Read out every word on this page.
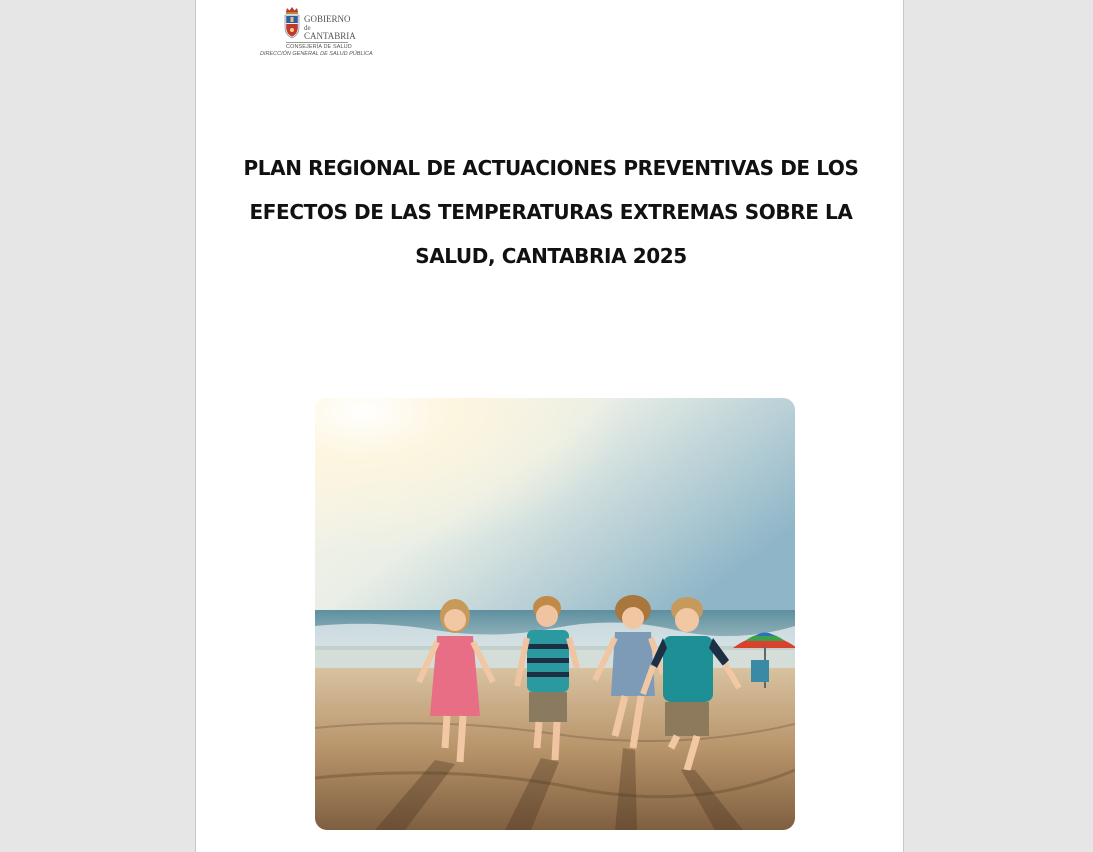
GOBIERNO
de
CANTABRIA
CONSEJERÍA DE SALUD
DIRECCIÓN GENERAL DE SALUD PÚBLICA
PLAN REGIONAL DE ACTUACIONES PREVENTIVAS DE LOS
EFECTOS DE LAS TEMPERATURAS EXTREMAS SOBRE LA
SALUD, CANTABRIA 2025
